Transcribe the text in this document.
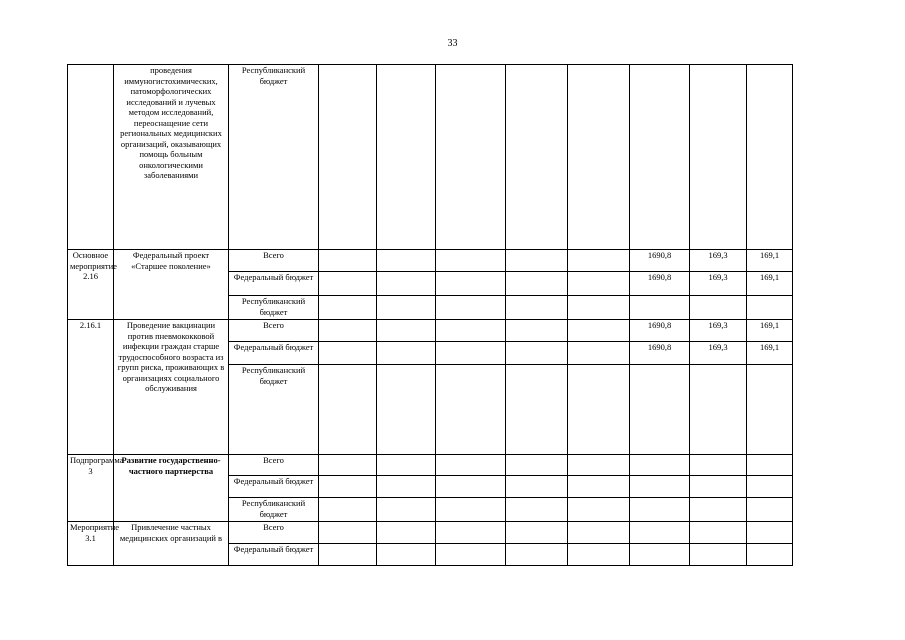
33
	проведения иммуногистохимических, патоморфологических исследований и лучевых методом исследований, переоснащение сети региональных медицинских организаций, оказывающих помощь больным онкологическими заболеваниями	Республиканский бюджет								
Основное мероприятие 2.16	Федеральный проект «Старшее поколение»	Всего						1690,8	169,3	169,1
		Федеральный бюджет						1690,8	169,3	169,1
		Республиканский бюджет								
2.16.1	Проведение вакцинации против пневмококковой инфекции граждан старше трудоспособного возраста из групп риска, проживающих в организациях социального обслуживания	Всего						1690,8	169,3	169,1
		Федеральный бюджет						1690,8	169,3	169,1
		Республиканский бюджет								
Подпрограмма 3	Развитие государственно-частного партнерства	Всего								
		Федеральный бюджет								
		Республиканский бюджет								
Мероприятие 3.1	Привлечение частных медицинских организаций в	Всего								
		Федеральный бюджет								
